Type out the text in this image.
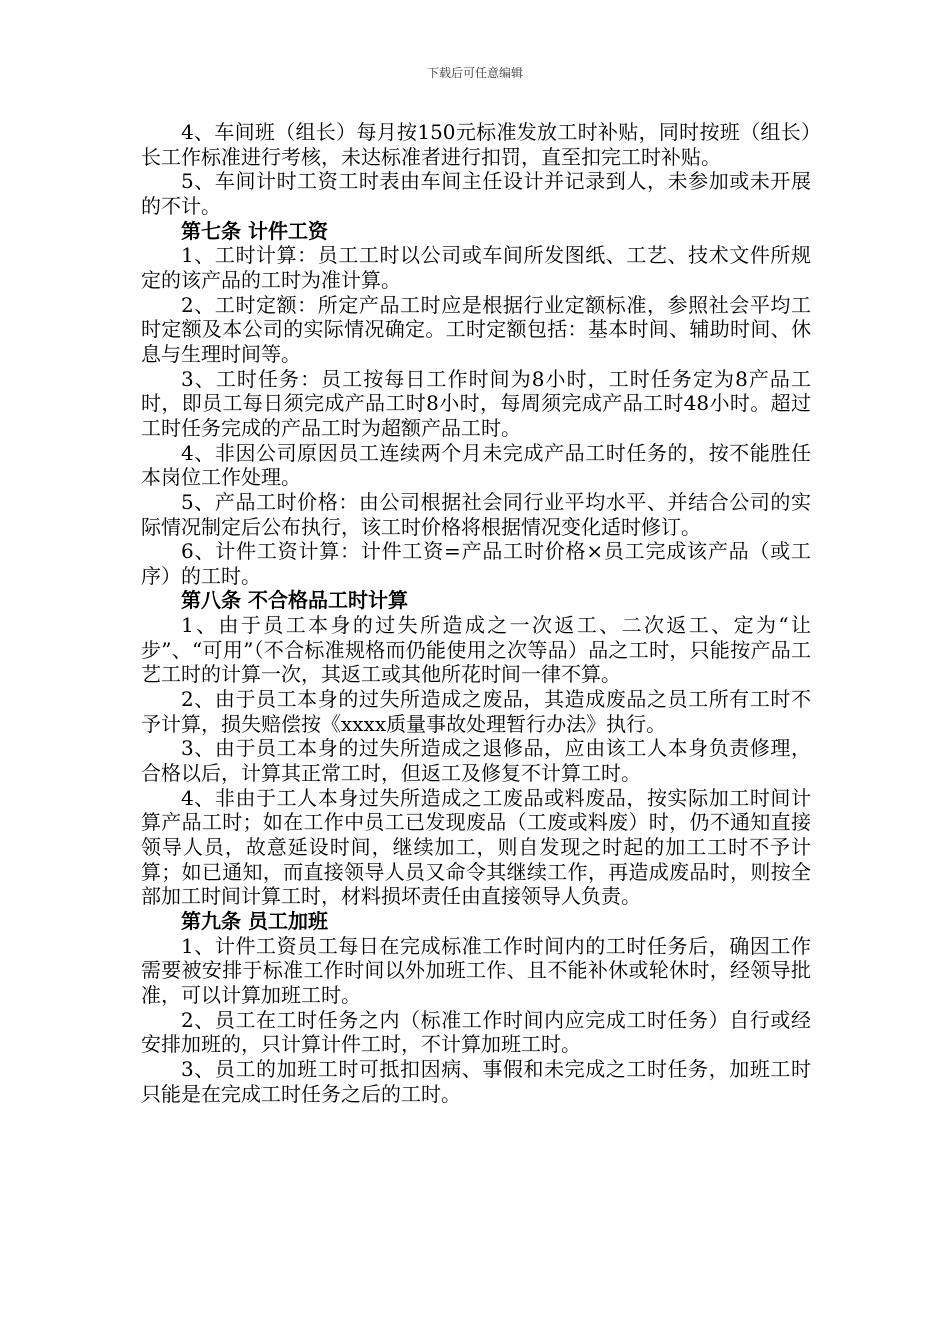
下载后可任意编辑

4、车间班（组长）每月按150元标准发放工时补贴，同时按班（组长）长工作标准进行考核，未达标准者进行扣罚，直至扣完工时补贴。

5、车间计时工资工时表由车间主任设计并记录到人，未参加或未开展的不计。

第七条 计件工资

1、工时计算：员工工时以公司或车间所发图纸、工艺、技术文件所规定的该产品的工时为准计算。

2、工时定额：所定产品工时应是根据行业定额标准，参照社会平均工时定额及本公司的实际情况确定。工时定额包括：基本时间、辅助时间、休息与生理时间等。

3、工时任务：员工按每日工作时间为8小时，工时任务定为8产品工时，即员工每日须完成产品工时8小时，每周须完成产品工时48小时。超过工时任务完成的产品工时为超额产品工时。

4、非因公司原因员工连续两个月未完成产品工时任务的，按不能胜任本岗位工作处理。

5、产品工时价格：由公司根据社会同行业平均水平、并结合公司的实际情况制定后公布执行，该工时价格将根据情况变化适时修订。

6、计件工资计算：计件工资=产品工时价格×员工完成该产品（或工序）的工时。

第八条 不合格品工时计算

1、由于员工本身的过失所造成之一次返工、二次返工、定为“让步”、“可用”（不合标准规格而仍能使用之次等品）品之工时，只能按产品工艺工时的计算一次，其返工或其他所花时间一律不算。

2、由于员工本身的过失所造成之废品，其造成废品之员工所有工时不予计算，损失赔偿按《xxxx质量事故处理暂行办法》执行。

3、由于员工本身的过失所造成之退修品，应由该工人本身负责修理，合格以后，计算其正常工时，但返工及修复不计算工时。

4、非由于工人本身过失所造成之工废品或料废品，按实际加工时间计算产品工时；如在工作中员工已发现废品（工废或料废）时，仍不通知直接领导人员，故意延设时间，继续加工，则自发现之时起的加工工时不予计算；如已通知，而直接领导人员又命令其继续工作，再造成废品时，则按全部加工时间计算工时，材料损坏责任由直接领导人负责。

第九条 员工加班

1、计件工资员工每日在完成标准工作时间内的工时任务后，确因工作需要被安排于标准工作时间以外加班工作、且不能补休或轮休时，经领导批准，可以计算加班工时。

2、员工在工时任务之内（标准工作时间内应完成工时任务）自行或经安排加班的，只计算计件工时，不计算加班工时。

3、员工的加班工时可抵扣因病、事假和未完成之工时任务，加班工时只能是在完成工时任务之后的工时。
